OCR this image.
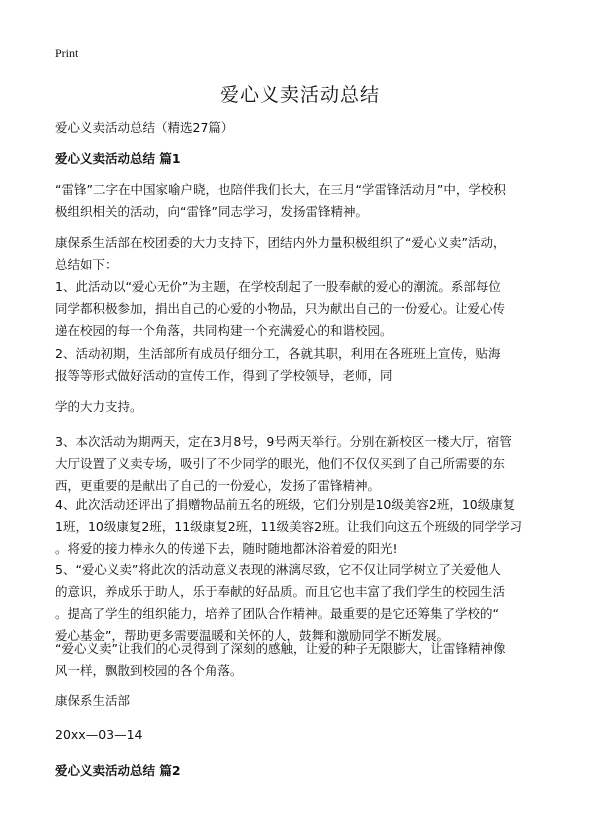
Print
爱心义卖活动总结
爱心义卖活动总结（精选27篇）
爱心义卖活动总结 篇1
“雷锋”二字在中国家喻户晓，也陪伴我们长大，在三月“学雷锋活动月”中，学校积
极组织相关的活动，向“雷锋”同志学习，发扬雷锋精神。
康保系生活部在校团委的大力支持下，团结内外力量积极组织了“爱心义卖”活动，
总结如下：
1、此活动以“爱心无价”为主题，在学校刮起了一股奉献的爱心的潮流。系部每位
同学都积极参加，捐出自己的心爱的小物品，只为献出自己的一份爱心。让爱心传
递在校园的每一个角落，共同构建一个充满爱心的和谐校园。
2、活动初期，生活部所有成员仔细分工，各就其职，利用在各班班上宣传，贴海
报等等形式做好活动的宣传工作，得到了学校领导，老师，同
学的大力支持。
3、本次活动为期两天，定在3月8号，9号两天举行。分别在新校区一楼大厅，宿管
大厅设置了义卖专场，吸引了不少同学的眼光，他们不仅仅买到了自己所需要的东
西，更重要的是献出了自己的一份爱心，发扬了雷锋精神。
4、此次活动还评出了捐赠物品前五名的班级，它们分别是10级美容2班，10级康复
1班，10级康复2班，11级康复2班，11级美容2班。让我们向这五个班级的同学学习
。将爱的接力棒永久的传递下去，随时随地都沐浴着爱的阳光!
5、“爱心义卖”将此次的活动意义表现的淋漓尽致，它不仅让同学树立了关爱他人
的意识，养成乐于助人，乐于奉献的好品质。而且它也丰富了我们学生的校园生活
。提高了学生的组织能力，培养了团队合作精神。最重要的是它还筹集了学校的“
爱心基金”，帮助更多需要温暖和关怀的人，鼓舞和激励同学不断发展。
“爱心义卖”让我们的心灵得到了深刻的感触，让爱的种子无限膨大，让雷锋精神像
风一样，飘散到校园的各个角落。
康保系生活部
20xx—03—14
爱心义卖活动总结 篇2
